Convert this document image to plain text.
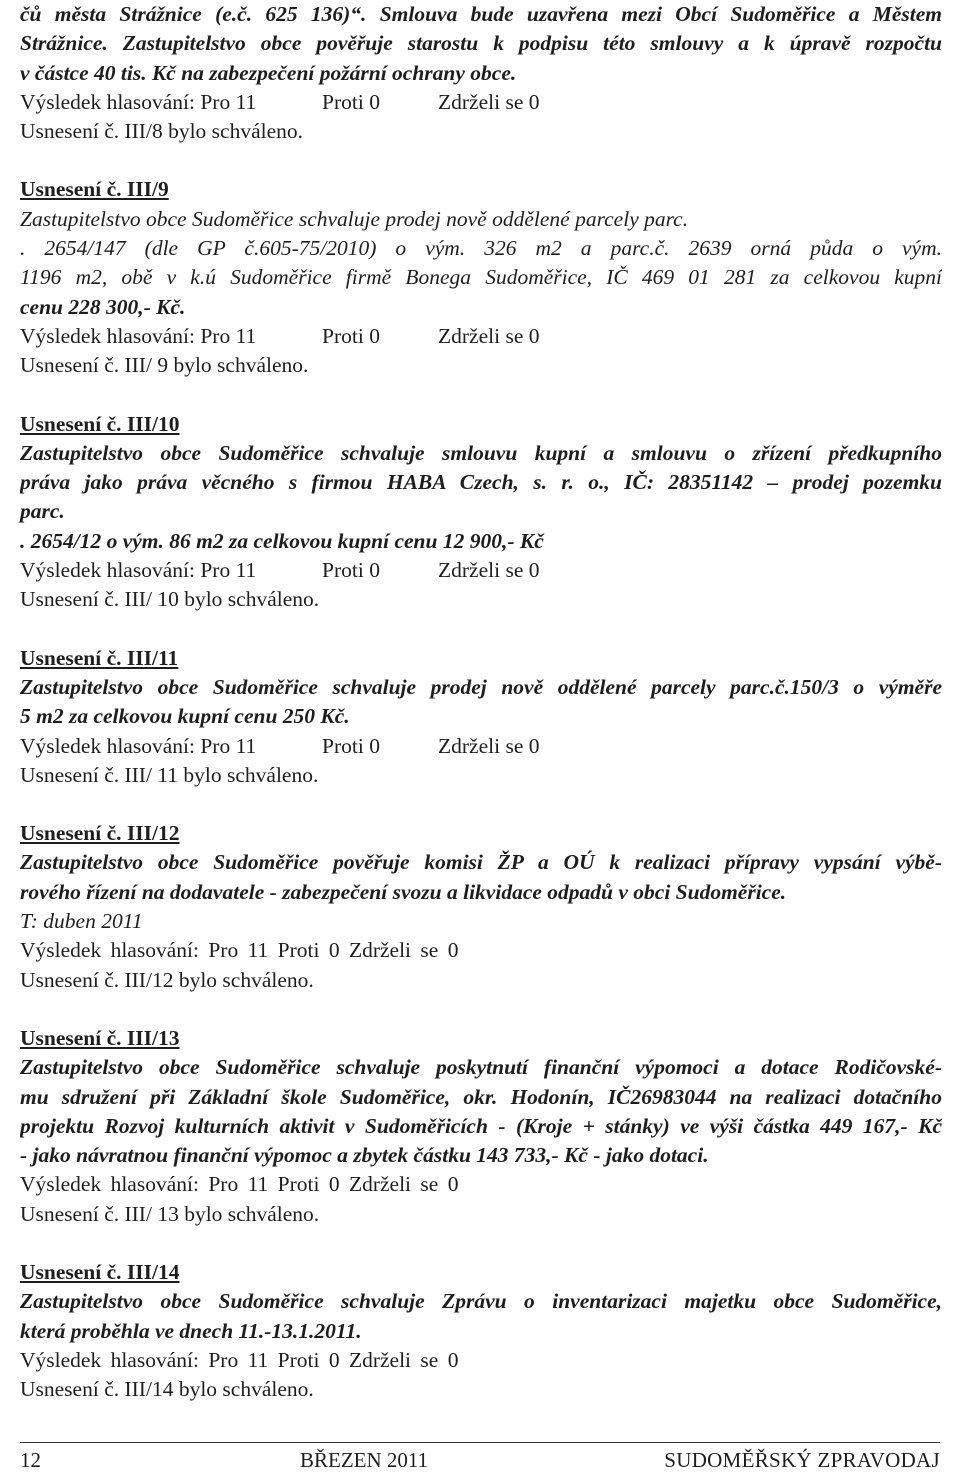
čů města Strážnice (e.č. 625 136)“. Smlouva bude uzavřena mezi Obcí Sudoměřice a Městem
Strážnice. Zastupitelstvo obce pověřuje starostu k podpisu této smlouvy a k úpravě rozpočtu
v částce 40 tis. Kč na zabezpečení požární ochrany obce.
Výsledek hlasování: Pro 11	Proti 0	Zdrželi se 0
Usnesení č. III/8 bylo schváleno.
Usnesení č. III/9
Zastupitelstvo obce Sudoměřice schvaluje prodej nově oddělené parcely parc.
. 2654/147 (dle GP č.605-75/2010) o vým. 326 m2 a parc.č. 2639 orná půda o vým.
1196 m2, obě v k.ú Sudoměřice firmě Bonega Sudoměřice, IČ 469 01 281 za celkovou kupní
cenu 228 300,- Kč.
Výsledek hlasování: Pro 11	Proti 0	Zdrželi se 0
Usnesení č. III/ 9 bylo schváleno.
Usnesení č. III/10
Zastupitelstvo obce Sudoměřice schvaluje smlouvu kupní a smlouvu o zřízení předkupního
práva jako práva věcného s firmou HABA Czech, s. r. o., IČ: 28351142 – prodej pozemku
parc.
. 2654/12 o vým. 86 m2 za celkovou kupní cenu 12 900,- Kč
Výsledek hlasování: Pro 11	Proti 0	Zdrželi se 0
Usnesení č. III/ 10 bylo schváleno.
Usnesení č. III/11
Zastupitelstvo obce Sudoměřice schvaluje prodej nově oddělené parcely parc.č.150/3 o výměře
5 m2 za celkovou kupní cenu 250 Kč.
Výsledek hlasování: Pro 11	Proti 0	Zdrželi se 0
Usnesení č. III/ 11 bylo schváleno.
Usnesení č. III/12
Zastupitelstvo obce Sudoměřice pověřuje komisi ŽP a OÚ k realizaci přípravy vypsání výbě-
rového řízení na dodavatele - zabezpečení svozu a likvidace odpadů v obci Sudoměřice.
T: duben 2011
Výsledek hlasování: Pro 11 Proti 0 Zdrželi se 0
Usnesení č. III/12 bylo schváleno.
Usnesení č. III/13
Zastupitelstvo obce Sudoměřice schvaluje poskytnutí finanční výpomoci a dotace Rodičovské-
mu sdružení při Základní škole Sudoměřice, okr. Hodonín, IČ26983044 na realizaci dotačního
projektu Rozvoj kulturních aktivit v Sudoměřicích - (Kroje + stánky) ve výši částka 449 167,- Kč
- jako návratnou finanční výpomoc a zbytek částku 143 733,- Kč - jako dotaci.
Výsledek hlasování: Pro 11 Proti 0 Zdrželi se 0
Usnesení č. III/ 13 bylo schváleno.
Usnesení č. III/14
Zastupitelstvo obce Sudoměřice schvaluje Zprávu o inventarizaci majetku obce Sudoměřice,
která proběhla ve dnech 11.-13.1.2011.
Výsledek hlasování: Pro 11 Proti 0 Zdrželi se 0
Usnesení č. III/14 bylo schváleno.
12	BŘEZEN 2011	SUDOMĚŘSKÝ ZPRAVODAJ
